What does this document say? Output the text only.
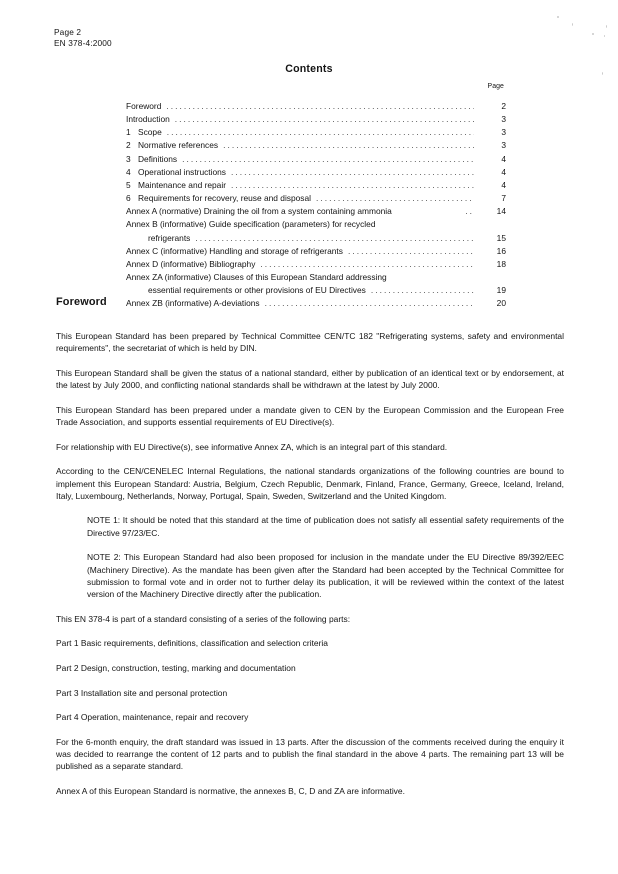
Page 2
EN 378-4:2000
Contents
Page
Foreword .....	2
Introduction .....	3
1 Scope .....	3
2 Normative references .....	3
3 Definitions .....	4
4 Operational instructions .....	4
5 Maintenance and repair .....	4
6 Requirements for recovery, reuse and disposal .....	7
Annex A (normative) Draining the oil from a system containing ammonia ..	14
Annex B (informative) Guide specification (parameters) for recycled
refrigerants .....	15
Annex C (informative) Handling and storage of refrigerants .....	16
Annex D (informative) Bibliography .....	18
Annex ZA (informative) Clauses of this European Standard addressing
essential requirements or other provisions of EU Directives .....	19
Annex ZB (informative) A-deviations .....	20
Foreword

This European Standard has been prepared by Technical Committee CEN/TC 182 "Refrigerating systems, safety and environmental requirements", the secretariat of which is held by DIN.

This European Standard shall be given the status of a national standard, either by publication of an identical text or by endorsement, at the latest by July 2000, and conflicting national standards shall be withdrawn at the latest by July 2000.

This European Standard has been prepared under a mandate given to CEN by the European Commission and the European Free Trade Association, and supports essential requirements of EU Directive(s).

For relationship with EU Directive(s), see informative Annex ZA, which is an integral part of this standard.

According to the CEN/CENELEC Internal Regulations, the national standards organizations of the following countries are bound to implement this European Standard: Austria, Belgium, Czech Republic, Denmark, Finland, France, Germany, Greece, Iceland, Ireland, Italy, Luxembourg, Netherlands, Norway, Portugal, Spain, Sweden, Switzerland and the United Kingdom.

NOTE 1: It should be noted that this standard at the time of publication does not satisfy all essential safety requirements of the Directive 97/23/EC.

NOTE 2: This European Standard had also been proposed for inclusion in the mandate under the EU Directive 89/392/EEC (Machinery Directive). As the mandate has been given after the Standard had been accepted by the Technical Committee for submission to formal vote and in order not to further delay its publication, it will be reviewed within the context of the latest version of the Machinery Directive directly after the publication.

This EN 378-4 is part of a standard consisting of a series of the following parts:

Part 1 Basic requirements, definitions, classification and selection criteria

Part 2 Design, construction, testing, marking and documentation

Part 3 Installation site and personal protection

Part 4 Operation, maintenance, repair and recovery

For the 6-month enquiry, the draft standard was issued in 13 parts. After the discussion of the comments received during the enquiry it was decided to rearrange the content of 12 parts and to publish the final standard in the above 4 parts. The remaining part 13 will be published as a separate standard.

Annex A of this European Standard is normative, the annexes B, C, D and ZA are informative.
